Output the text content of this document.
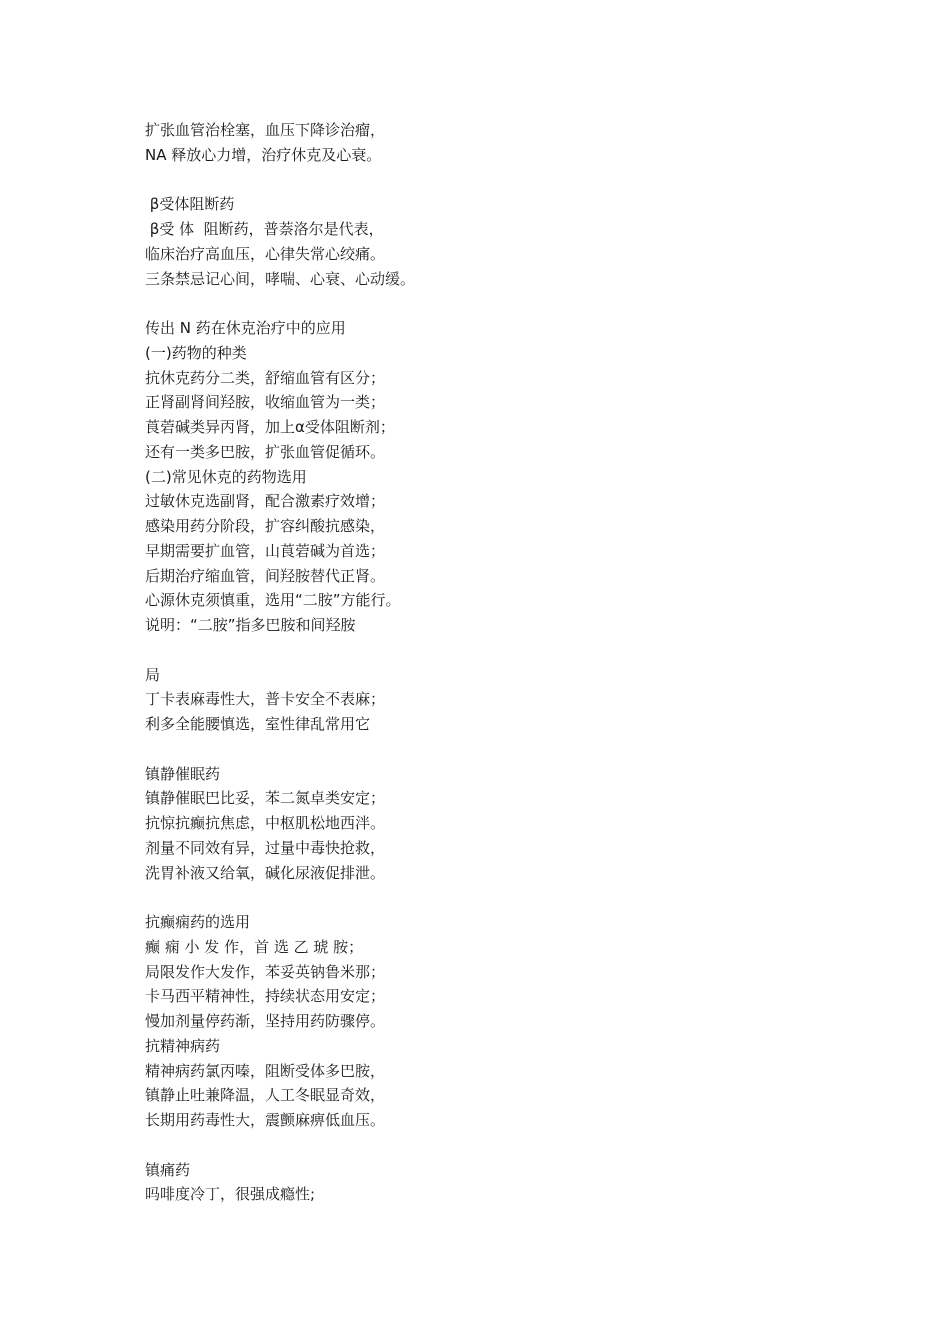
扩张血管治栓塞，血压下降诊治瘤，
NA 释放心力增，治疗休克及心衰。
β受体阻断药
β受 体  阻断药，普萘洛尔是代表，
临床治疗高血压，心律失常心绞痛。
三条禁忌记心间，哮喘、心衰、心动缓。
传出 N 药在休克治疗中的应用
(一)药物的种类
抗休克药分二类，舒缩血管有区分；
正肾副肾间羟胺，收缩血管为一类；
莨菪碱类异丙肾，加上α受体阻断剂；
还有一类多巴胺，扩张血管促循环。
(二)常见休克的药物选用
过敏休克选副肾，配合激素疗效增；
感染用药分阶段，扩容纠酸抗感染，
早期需要扩血管，山莨菪碱为首选；
后期治疗缩血管，间羟胺替代正肾。
心源休克须慎重，选用“二胺”方能行。
说明：“二胺”指多巴胺和间羟胺
局
丁卡表麻毒性大，普卡安全不表麻；
利多全能腰慎选，室性律乱常用它
镇静催眠药
镇静催眠巴比妥，苯二氮卓类安定；
抗惊抗癫抗焦虑，中枢肌松地西泮。
剂量不同效有异，过量中毒快抢救，
洗胃补液又给氧，碱化尿液促排泄。
抗癫痫药的选用
癫 痫 小 发 作，首 选 乙 琥 胺；
局限发作大发作，苯妥英钠鲁米那；
卡马西平精神性，持续状态用安定；
慢加剂量停药渐，坚持用药防骤停。
抗精神病药
精神病药氯丙嗪，阻断受体多巴胺，
镇静止吐兼降温，人工冬眠显奇效，
长期用药毒性大，震颤麻痹低血压。
镇痛药
吗啡度冷丁，很强成瘾性;
